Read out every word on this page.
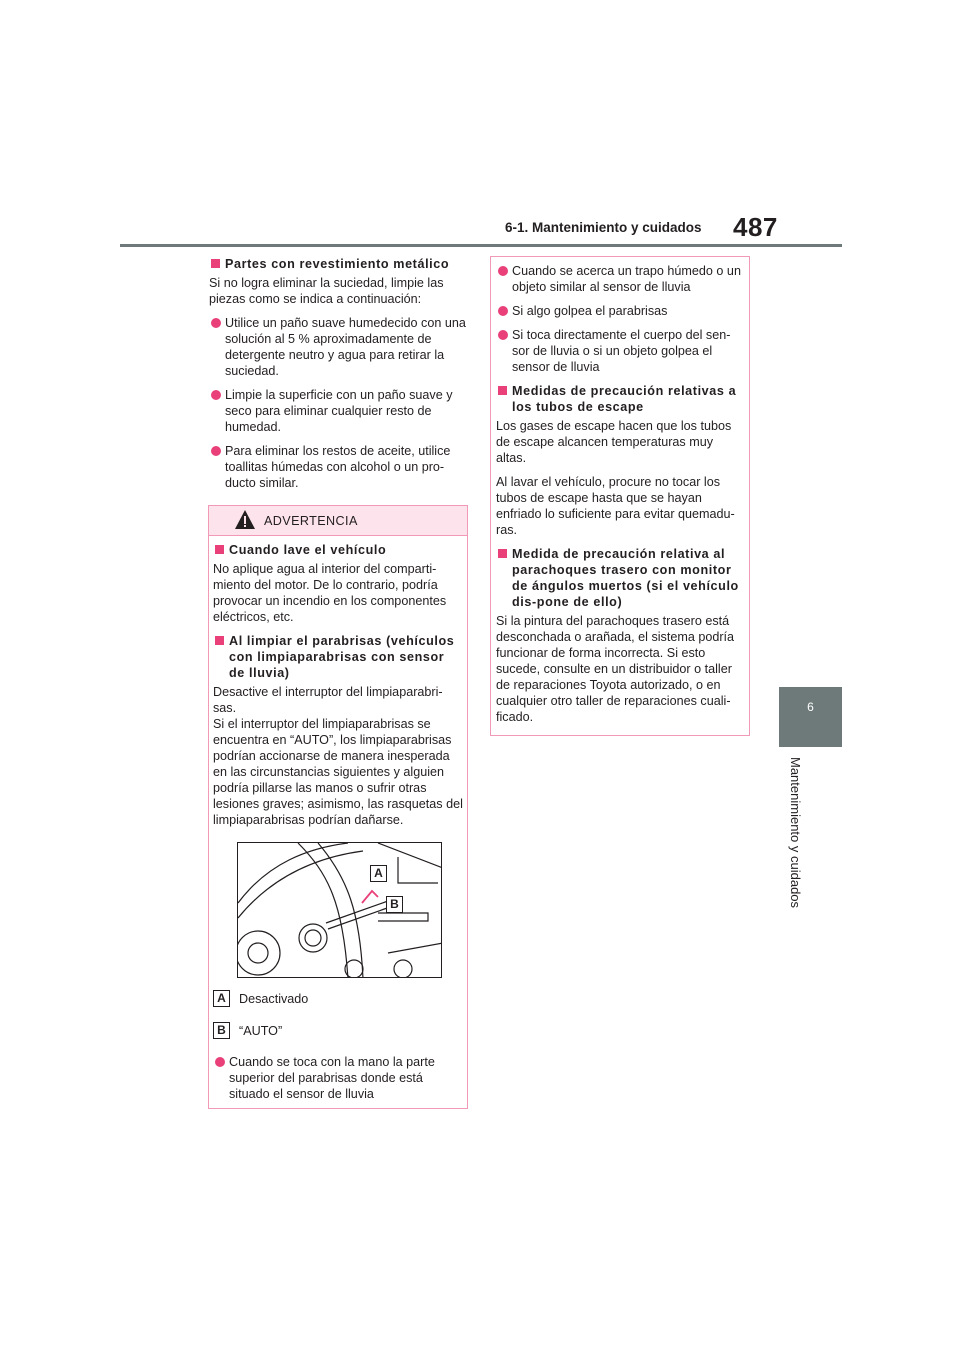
6-1. Mantenimiento y cuidados 487
6
Mantenimiento y cuidados
Partes con revestimiento metálico

Si no logra eliminar la suciedad, limpie las piezas como se indica a continuación:

Utilice un paño suave humedecido con una solución al 5 % aproximadamente de detergente neutro y agua para retirar la suciedad.
Limpie la superficie con un paño suave y seco para eliminar cualquier resto de humedad.
Para eliminar los restos de aceite, utilice toallitas húmedas con alcohol o un pro-ducto similar.
ADVERTENCIA
Cuando lave el vehículo

No aplique agua al interior del comparti-miento del motor. De lo contrario, podría provocar un incendio en los componentes eléctricos, etc.

Al limpiar el parabrisas (vehículos con limpiaparabrisas con sensor de lluvia)

Desactive el interruptor del limpiaparabri-sas.

Si el interruptor del limpiaparabrisas se encuentra en “AUTO”, los limpiaparabrisas podrían accionarse de manera inesperada en las circunstancias siguientes y alguien podría pillarse las manos o sufrir otras lesiones graves; asimismo, las rasquetas del limpiaparabrisas podrían dañarse.

A
B
A	Desactivado
B	“AUTO”
Cuando se toca con la mano la parte superior del parabrisas donde está situado el sensor de lluvia
Cuando se acerca un trapo húmedo o un objeto similar al sensor de lluvia
Si algo golpea el parabrisas
Si toca directamente el cuerpo del sen-sor de lluvia o si un objeto golpea el sensor de lluvia
Medidas de precaución relativas a los tubos de escape

Los gases de escape hacen que los tubos de escape alcancen temperaturas muy altas.

Al lavar el vehículo, procure no tocar los tubos de escape hasta que se hayan enfriado lo suficiente para evitar quemadu-ras.

Medida de precaución relativa al parachoques trasero con monitor de ángulos muertos (si el vehículo dis-pone de ello)

Si la pintura del parachoques trasero está desconchada o arañada, el sistema podría funcionar de forma incorrecta. Si esto sucede, consulte en un distribuidor o taller de reparaciones Toyota autorizado, o en cualquier otro taller de reparaciones cuali-ficado.
